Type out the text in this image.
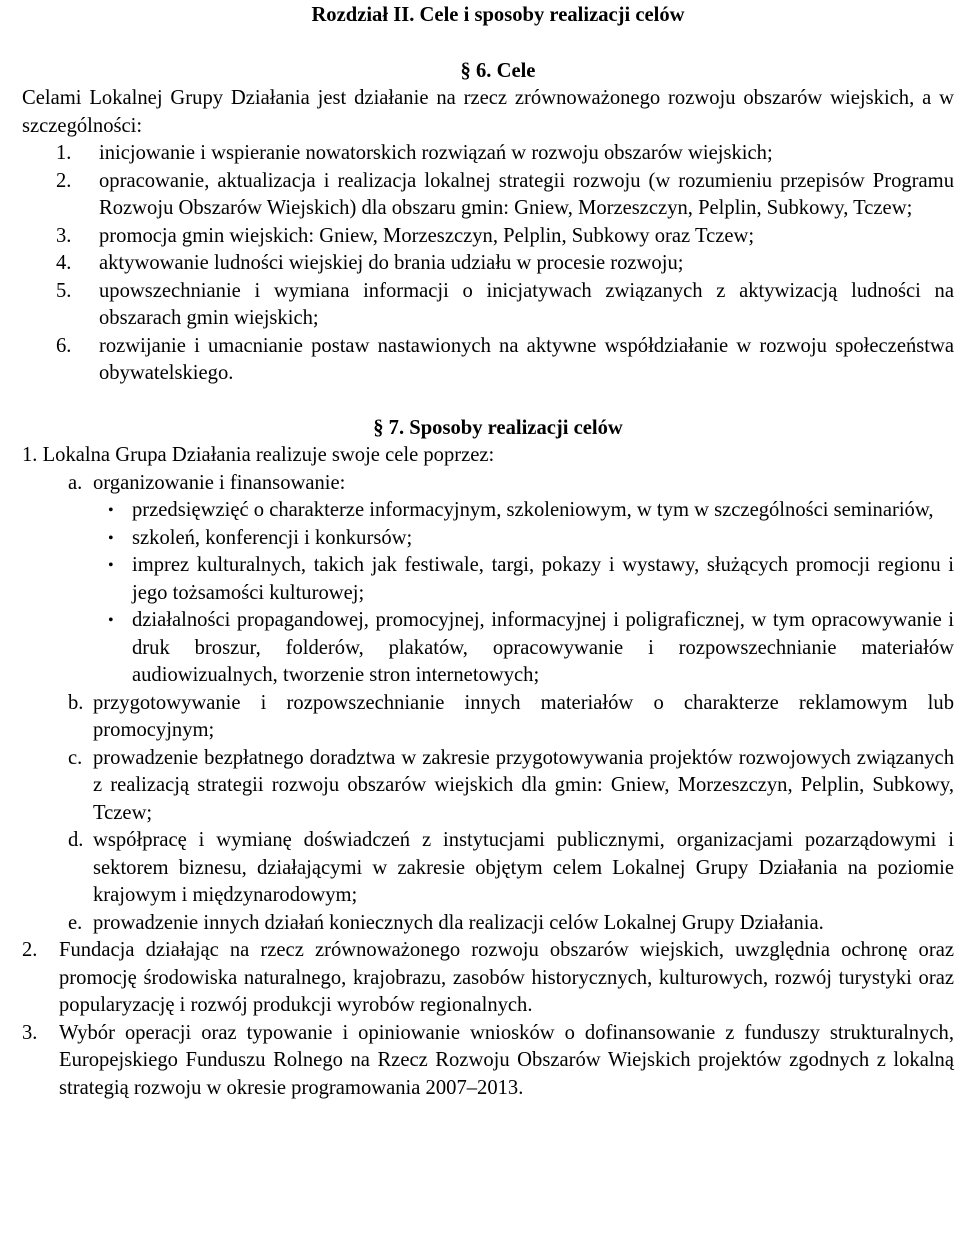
Rozdział II. Cele i sposoby realizacji celów

§ 6. Cele

Celami Lokalnej Grupy Działania jest działanie na rzecz zrównoważonego rozwoju obszarów wiejskich, a w szczególności:

1.	inicjowanie i wspieranie nowatorskich rozwiązań w rozwoju obszarów wiejskich;
2.	opracowanie, aktualizacja i realizacja lokalnej strategii rozwoju (w rozumieniu przepisów Programu Rozwoju Obszarów Wiejskich) dla obszaru gmin: Gniew, Morzeszczyn, Pelplin, Subkowy, Tczew;
3.	promocja gmin wiejskich: Gniew, Morzeszczyn, Pelplin, Subkowy oraz Tczew;
4.	aktywowanie ludności wiejskiej do brania udziału w procesie rozwoju;
5.	upowszechnianie i wymiana informacji o inicjatywach związanych z aktywizacją ludności na obszarach gmin wiejskich;
6.	rozwijanie i umacnianie postaw nastawionych na aktywne współdziałanie w rozwoju społeczeństwa obywatelskiego.

§ 7. Sposoby realizacji celów

1. Lokalna Grupa Działania realizuje swoje cele poprzez:

a. organizowanie i finansowanie:
• przedsięwzięć o charakterze informacyjnym, szkoleniowym, w tym w szczególności seminariów,
• szkoleń, konferencji i konkursów;
• imprez kulturalnych, takich jak festiwale, targi, pokazy i wystawy, służących promocji regionu i jego tożsamości kulturowej;
• działalności propagandowej, promocyjnej, informacyjnej i poligraficznej, w tym opracowywanie i druk broszur, folderów, plakatów, opracowywanie i rozpowszechnianie materiałów audiowizualnych, tworzenie stron internetowych;
b. przygotowywanie i rozpowszechnianie innych materiałów o charakterze reklamowym lub promocyjnym;
c. prowadzenie bezpłatnego doradztwa w zakresie przygotowywania projektów rozwojowych związanych z realizacją strategii rozwoju obszarów wiejskich dla gmin: Gniew, Morzeszczyn, Pelplin, Subkowy, Tczew;
d. współpracę i wymianę doświadczeń z instytucjami publicznymi, organizacjami pozarządowymi i sektorem biznesu, działającymi w zakresie objętym celem Lokalnej Grupy Działania na poziomie krajowym i międzynarodowym;
e. prowadzenie innych działań koniecznych dla realizacji celów Lokalnej Grupy Działania.
2.	Fundacja działając na rzecz zrównoważonego rozwoju obszarów wiejskich, uwzględnia ochronę oraz promocję środowiska naturalnego, krajobrazu, zasobów historycznych, kulturowych, rozwój turystyki oraz popularyzację i rozwój produkcji wyrobów regionalnych.
3.	Wybór operacji oraz typowanie i opiniowanie wniosków o dofinansowanie z funduszy strukturalnych, Europejskiego Funduszu Rolnego na Rzecz Rozwoju Obszarów Wiejskich projektów zgodnych z lokalną strategią rozwoju w okresie programowania 2007–2013.
